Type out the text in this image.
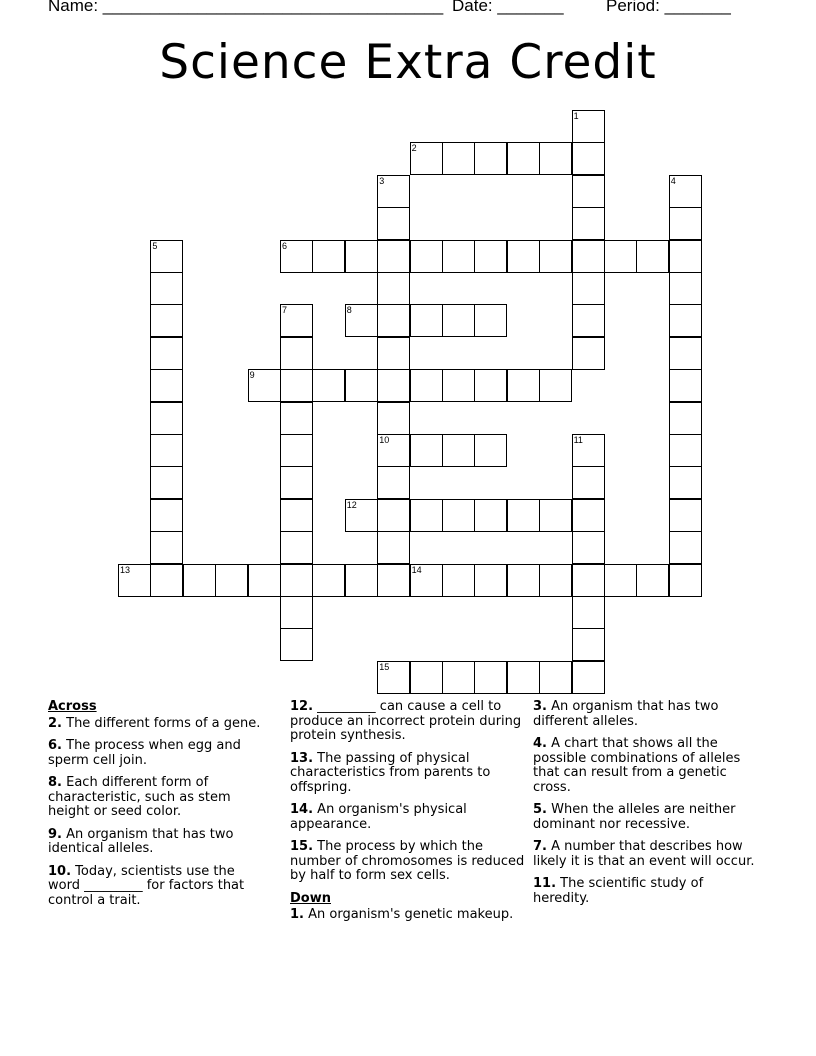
Name: ____________________________________ Date: _______ Period: _______
Science Extra Credit
2
6
8
9
10
12
13	14
15
1
3	4
5
7
11
Across
2. The different forms of a gene.
6. The process when egg and sperm cell join.
8. Each different form of characteristic, such as stem height or seed color.
9. An organism that has two identical alleles.
10. Today, scientists use the word _________ for factors that control a trait.
12. _________ can cause a cell to produce an incorrect protein during protein synthesis.
13. The passing of physical characteristics from parents to offspring.
14. An organism's physical appearance.
15. The process by which the number of chromosomes is reduced by half to form sex cells.
Down
1. An organism's genetic makeup.
3. An organism that has two different alleles.
4. A chart that shows all the possible combinations of alleles that can result from a genetic cross.
5. When the alleles are neither dominant nor recessive.
7. A number that describes how likely it is that an event will occur.
11. The scientific study of heredity.
